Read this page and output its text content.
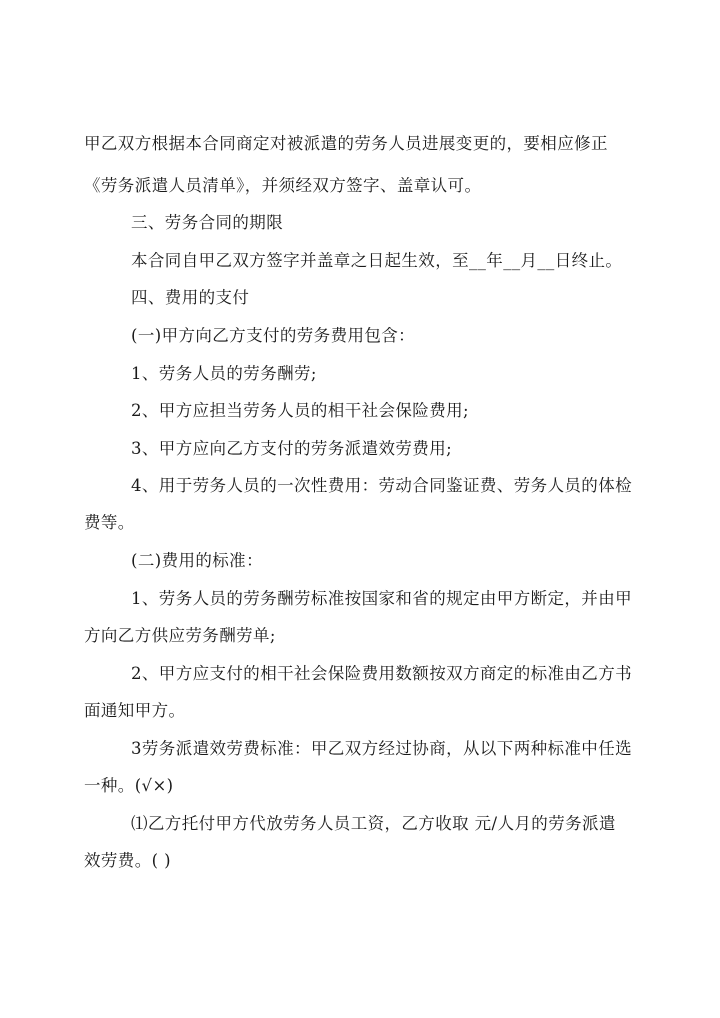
甲乙双方根据本合同商定对被派遣的劳务人员进展变更的，要相应修正

《劳务派遣人员清单》，并须经双方签字、盖章认可。

三、劳务合同的期限

本合同自甲乙双方签字并盖章之日起生效，至__年__月__日终止。

四、费用的支付

(一)甲方向乙方支付的劳务费用包含：

1、劳务人员的劳务酬劳;

2、甲方应担当劳务人员的相干社会保险费用;

3、甲方应向乙方支付的劳务派遣效劳费用;

4、用于劳务人员的一次性费用：劳动合同鉴证费、劳务人员的体检

费等。

(二)费用的标准：

1、劳务人员的劳务酬劳标准按国家和省的规定由甲方断定，并由甲

方向乙方供应劳务酬劳单;

2、甲方应支付的相干社会保险费用数额按双方商定的标准由乙方书

面通知甲方。

3劳务派遣效劳费标准：甲乙双方经过协商，从以下两种标准中任选

一种。(√×)

⑴乙方托付甲方代放劳务人员工资，乙方收取 元/人月的劳务派遣

效劳费。( )
